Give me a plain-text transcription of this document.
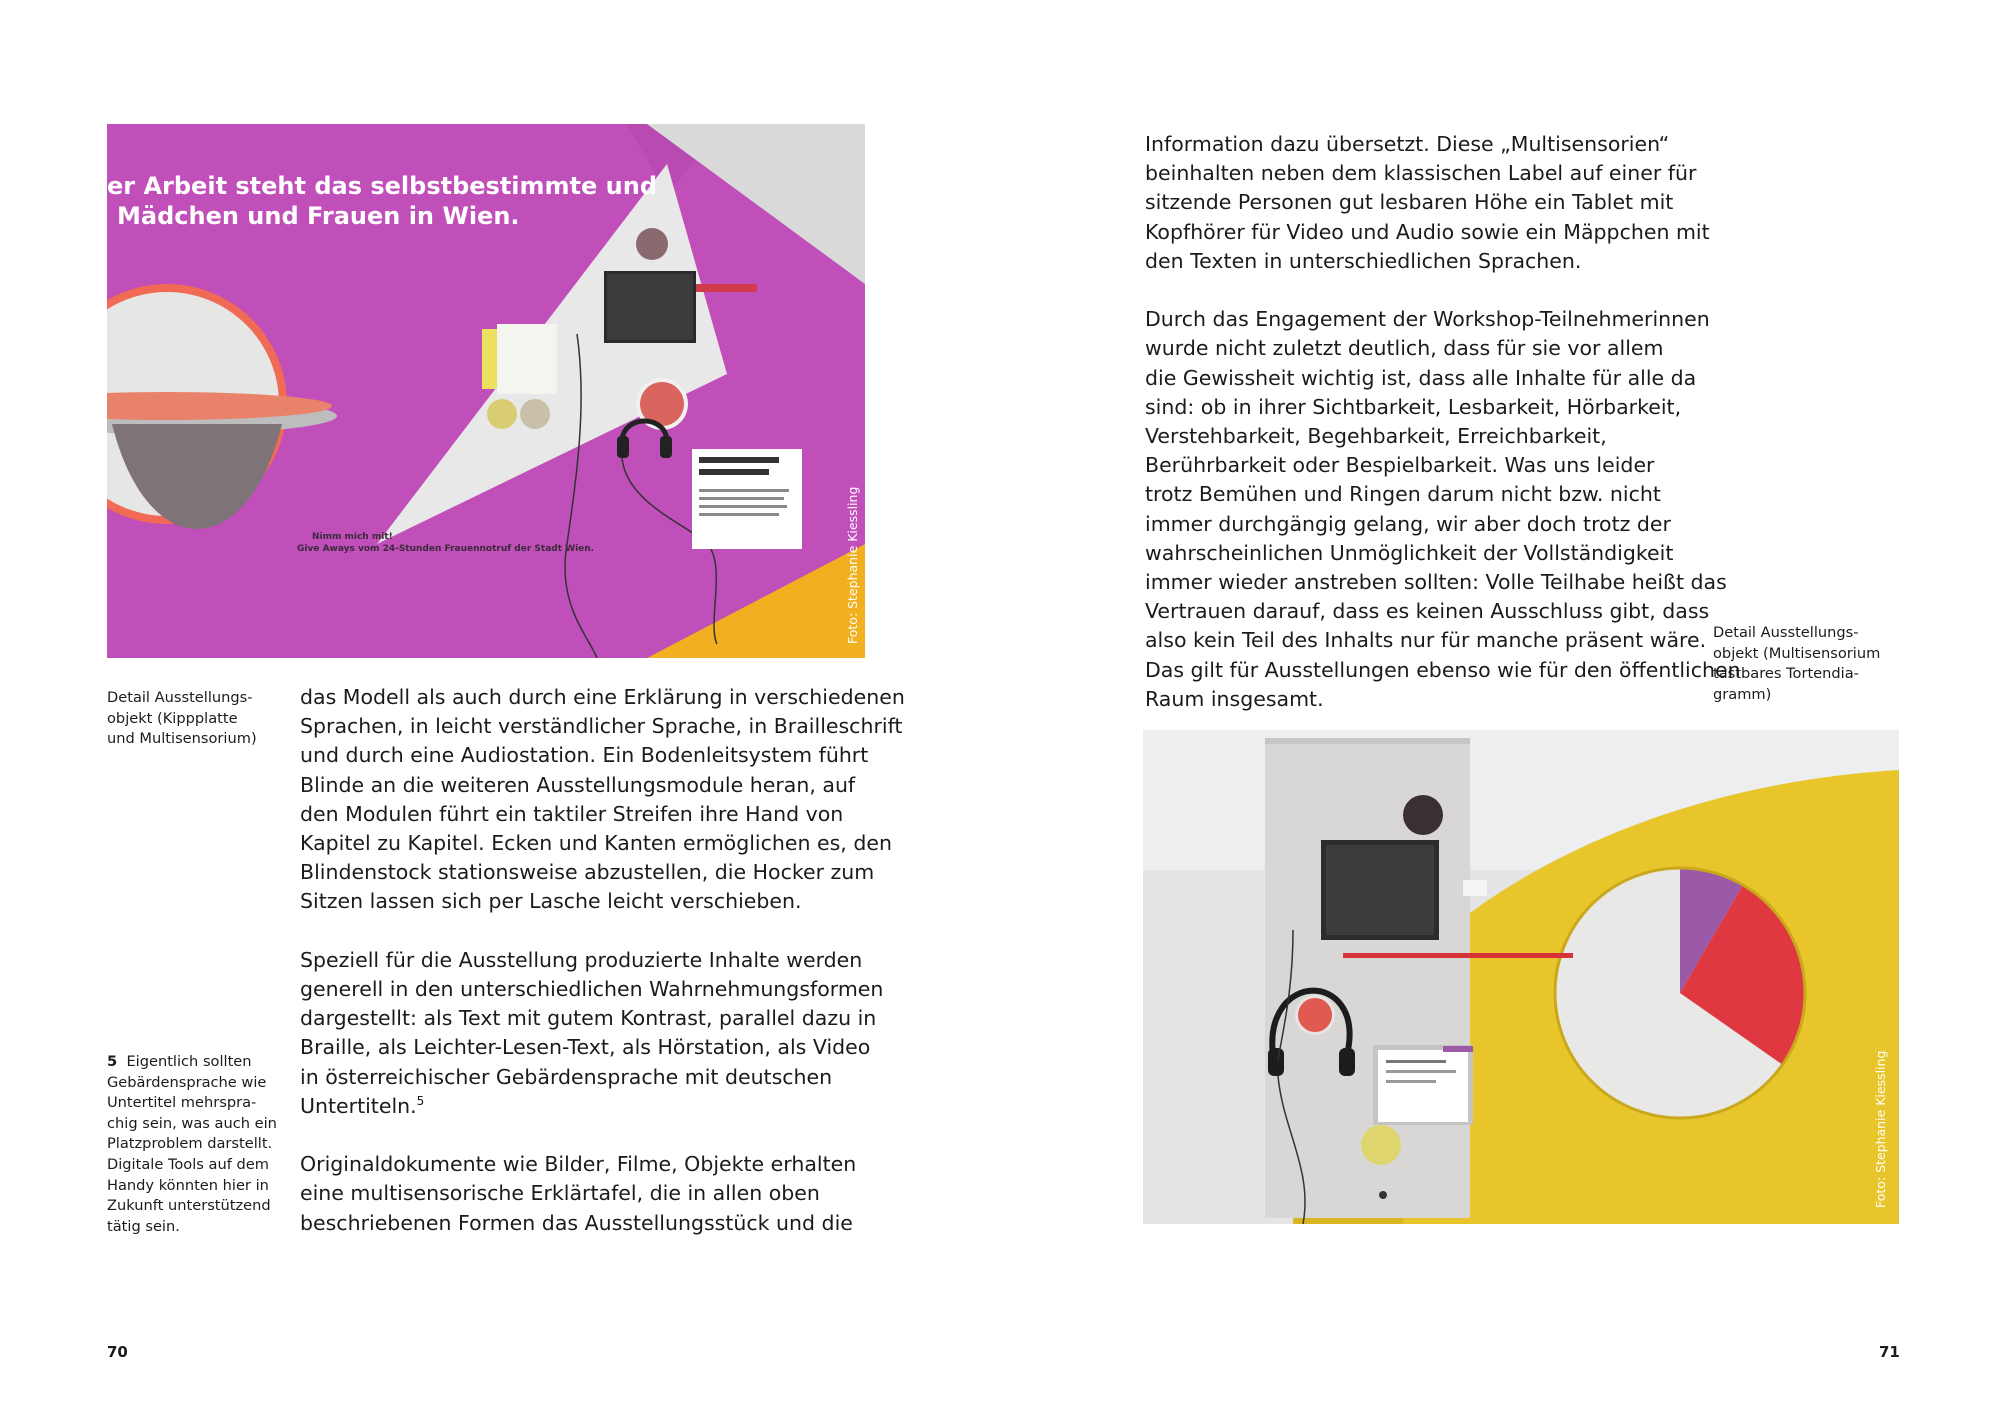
er Arbeit steht das selbstbestimmte und
Mädchen und Frauen in Wien.
Nimm mich mit!
Give Aways vom 24-Stunden Frauennotruf der Stadt Wien.	Foto: Stephanie Kiessling
Detail Ausstellungs-
objekt (Kippplatte
und Multisensorium)

das Modell als auch durch eine Erklärung in verschiedenen
Sprachen, in leicht verständlicher Sprache, in Brailleschrift
und durch eine Audiostation. Ein Bodenleitsystem führt
Blinde an die weiteren Ausstellungsmodule heran, auf
den Modulen führt ein taktiler Streifen ihre Hand von
Kapitel zu Kapitel. Ecken und Kanten ermöglichen es, den
Blindenstock stationsweise abzustellen, die Hocker zum
Sitzen lassen sich per Lasche leicht verschieben.

Speziell für die Ausstellung produzierte Inhalte werden
generell in den unterschiedlichen Wahrnehmungsformen
dargestellt: als Text mit gutem Kontrast, parallel dazu in
Braille, als Leichter-Lesen-Text, als Hörstation, als Video
in österreichischer Gebärdensprache mit deutschen
Untertiteln.$^5$

Originaldokumente wie Bilder, Filme, Objekte erhalten
eine multisensorische Erklärtafel, die in allen oben
beschriebenen Formen das Ausstellungsstück und die

5 Eigentlich sollten
Gebärdensprache wie
Untertitel mehrspra-
chig sein, was auch ein
Platzproblem darstellt.
Digitale Tools auf dem
Handy könnten hier in
Zukunft unterstützend
tätig sein.
70

Information dazu übersetzt. Diese „Multisensorien“
beinhalten neben dem klassischen Label auf einer für
sitzende Personen gut lesbaren Höhe ein Tablet mit
Kopfhörer für Video und Audio sowie ein Mäppchen mit
den Texten in unterschiedlichen Sprachen.

Durch das Engagement der Workshop-Teilnehmerinnen
wurde nicht zuletzt deutlich, dass für sie vor allem
die Gewissheit wichtig ist, dass alle Inhalte für alle da
sind: ob in ihrer Sichtbarkeit, Lesbarkeit, Hörbarkeit,
Verstehbarkeit, Begehbarkeit, Erreichbarkeit,
Berührbarkeit oder Bespielbarkeit. Was uns leider
trotz Bemühen und Ringen darum nicht bzw. nicht
immer durchgängig gelang, wir aber doch trotz der
wahrscheinlichen Unmöglichkeit der Vollständigkeit
immer wieder anstreben sollten: Volle Teilhabe heißt das
Vertrauen darauf, dass es keinen Ausschluss gibt, dass
also kein Teil des Inhalts nur für manche präsent wäre.
Das gilt für Ausstellungen ebenso wie für den öffentlichen
Raum insgesamt.

Detail Ausstellungs-
objekt (Multisensorium
tastbares Tortendia-
gramm)
Foto: Stephanie Kiessling
71
